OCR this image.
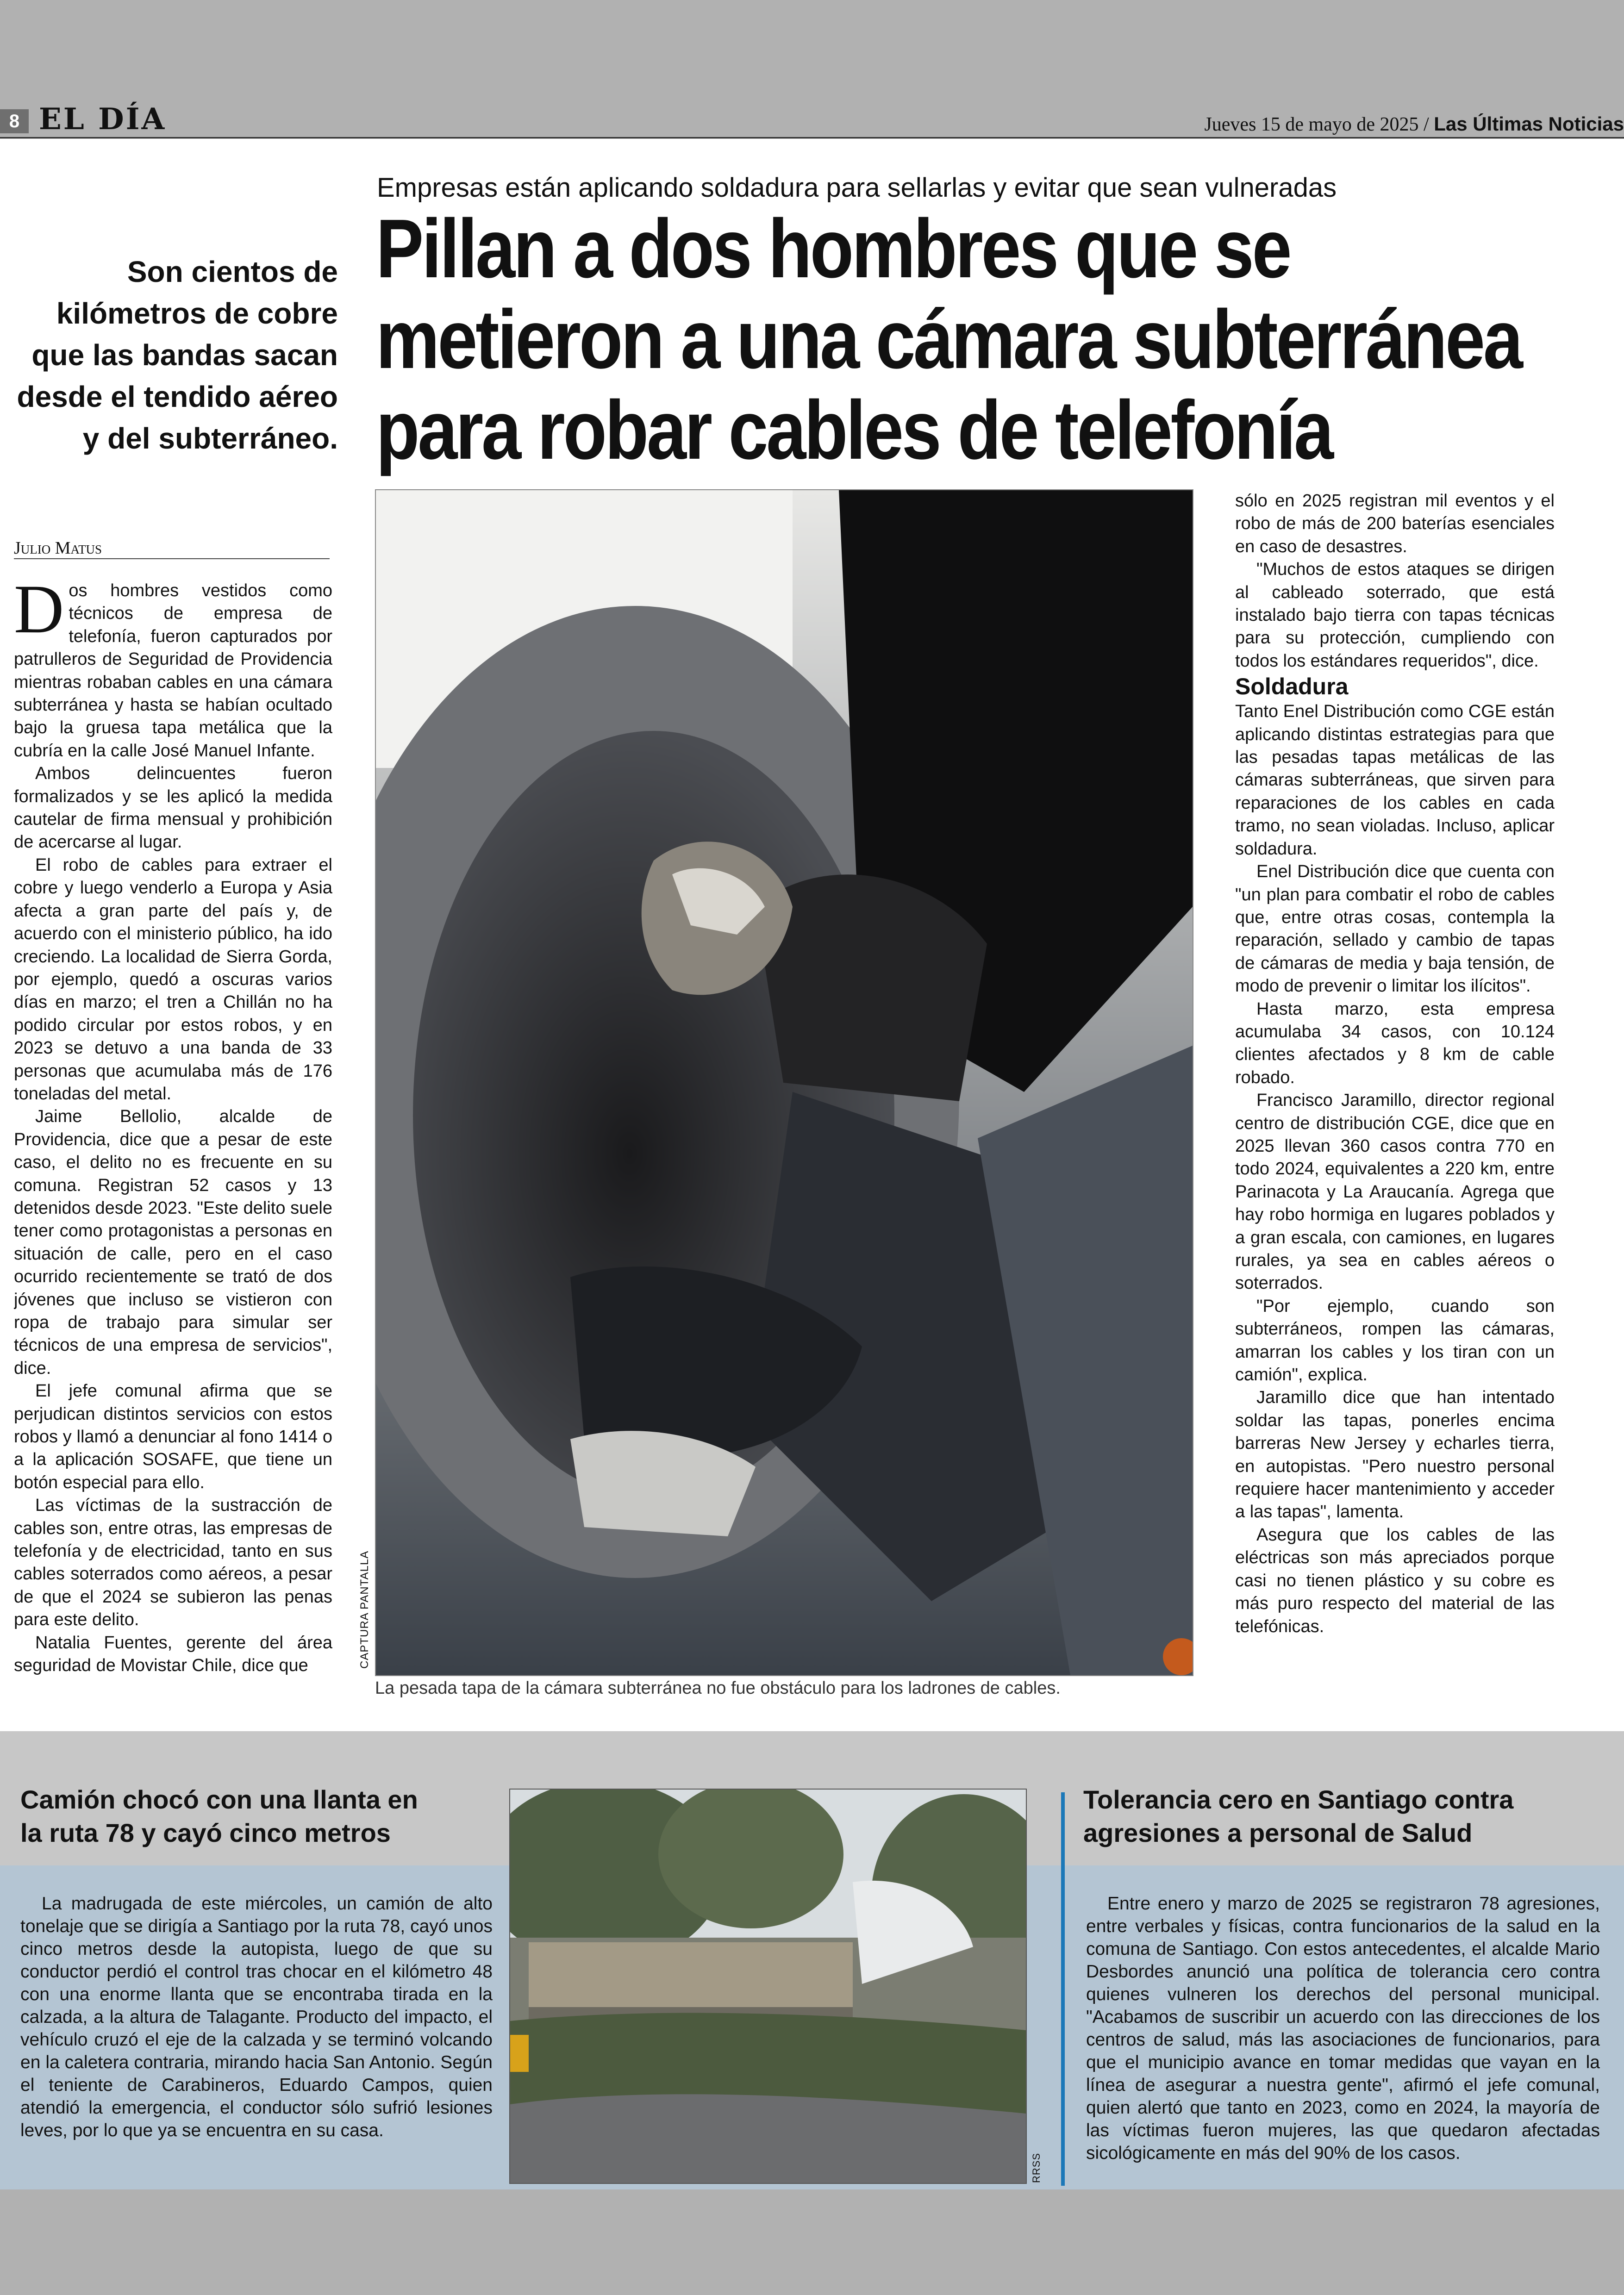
8 EL DÍA	Jueves 15 de mayo de 2025 / Las Últimas Noticias
Empresas están aplicando soldadura para sellarlas y evitar que sean vulneradas
Pillan a dos hombres que se
metieron a una cámara subterránea
para robar cables de telefonía
Son cientos de kilómetros de cobre que las bandas sacan desde el tendido aéreo y del subterráneo.
Julio Matus

Dos hombres vestidos como técnicos de empresa de telefonía, fueron capturados por patrulleros de Seguridad de Providencia mientras robaban cables en una cámara subterránea y hasta se habían ocultado bajo la gruesa tapa metálica que la cubría en la calle José Manuel Infante.

Ambos delincuentes fueron formalizados y se les aplicó la medida cautelar de firma mensual y prohibición de acercarse al lugar.

El robo de cables para extraer el cobre y luego venderlo a Europa y Asia afecta a gran parte del país y, de acuerdo con el ministerio público, ha ido creciendo. La localidad de Sierra Gorda, por ejemplo, quedó a oscuras varios días en marzo; el tren a Chillán no ha podido circular por estos robos, y en 2023 se detuvo a una banda de 33 personas que acumulaba más de 176 toneladas del metal.

Jaime Bellolio, alcalde de Providencia, dice que a pesar de este caso, el delito no es frecuente en su comuna. Registran 52 casos y 13 detenidos desde 2023. "Este delito suele tener como protagonistas a personas en situación de calle, pero en el caso ocurrido recientemente se trató de dos jóvenes que incluso se vistieron con ropa de trabajo para simular ser técnicos de una empresa de servicios", dice.

El jefe comunal afirma que se perjudican distintos servicios con estos robos y llamó a denunciar al fono 1414 o a la aplicación SOSAFE, que tiene un botón especial para ello.

Las víctimas de la sustracción de cables son, entre otras, las empresas de telefonía y de electricidad, tanto en sus cables soterrados como aéreos, a pesar de que el 2024 se subieron las penas para este delito.

Natalia Fuentes, gerente del área seguridad de Movistar Chile, dice que	CAPTURA PANTALLA
La pesada tapa de la cámara subterránea no fue obstáculo para los ladrones de cables.

sólo en 2025 registran mil eventos y el robo de más de 200 baterías esenciales en caso de desastres.

"Muchos de estos ataques se dirigen al cableado soterrado, que está instalado bajo tierra con tapas técnicas para su protección, cumpliendo con todos los estándares requeridos", dice.

Soldadura

Tanto Enel Distribución como CGE están aplicando distintas estrategias para que las pesadas tapas metálicas de las cámaras subterráneas, que sirven para reparaciones de los cables en cada tramo, no sean violadas. Incluso, aplicar soldadura.

Enel Distribución dice que cuenta con "un plan para combatir el robo de cables que, entre otras cosas, contempla la reparación, sellado y cambio de tapas de cámaras de media y baja tensión, de modo de prevenir o limitar los ilícitos".

Hasta marzo, esta empresa acumulaba 34 casos, con 10.124 clientes afectados y 8 km de cable robado.

Francisco Jaramillo, director regional centro de distribución CGE, dice que en 2025 llevan 360 casos contra 770 en todo 2024, equivalentes a 220 km, entre Parinacota y La Araucanía. Agrega que hay robo hormiga en lugares poblados y a gran escala, con camiones, en lugares rurales, ya sea en cables aéreos o soterrados.

"Por ejemplo, cuando son subterráneos, rompen las cámaras, amarran los cables y los tiran con un camión", explica.

Jaramillo dice que han intentado soldar las tapas, ponerles encima barreras New Jersey y echarles tierra, en autopistas. "Pero nuestro personal requiere hacer mantenimiento y acceder a las tapas", lamenta.

Asegura que los cables de las eléctricas son más apreciados porque casi no tienen plástico y su cobre es más puro respecto del material de las telefónicas.

Camión chocó con una llanta en
la ruta 78 y cayó cinco metros

La madrugada de este miércoles, un camión de alto tonelaje que se dirigía a Santiago por la ruta 78, cayó unos cinco metros desde la autopista, luego de que su conductor perdió el control tras chocar en el kilómetro 48 con una enorme llanta que se encontraba tirada en la calzada, a la altura de Talagante. Producto del impacto, el vehículo cruzó el eje de la calzada y se terminó volcando en la caletera contraria, mirando hacia San Antonio. Según el teniente de Carabineros, Eduardo Campos, quien atendió la emergencia, el conductor sólo sufrió lesiones leves, por lo que ya se encuentra en su casa.

RRSS
Tolerancia cero en Santiago contra
agresiones a personal de Salud

Entre enero y marzo de 2025 se registraron 78 agresiones, entre verbales y físicas, contra funcionarios de la salud en la comuna de Santiago. Con estos antecedentes, el alcalde Mario Desbordes anunció una política de tolerancia cero contra quienes vulneren los derechos del personal municipal. "Acabamos de suscribir un acuerdo con las direcciones de los centros de salud, más las asociaciones de funcionarios, para que el municipio avance en tomar medidas que vayan en la línea de asegurar a nuestra gente", afirmó el jefe comunal, quien alertó que tanto en 2023, como en 2024, la mayoría de las víctimas fueron mujeres, las que quedaron afectadas sicológicamente en más del 90% de los casos.
